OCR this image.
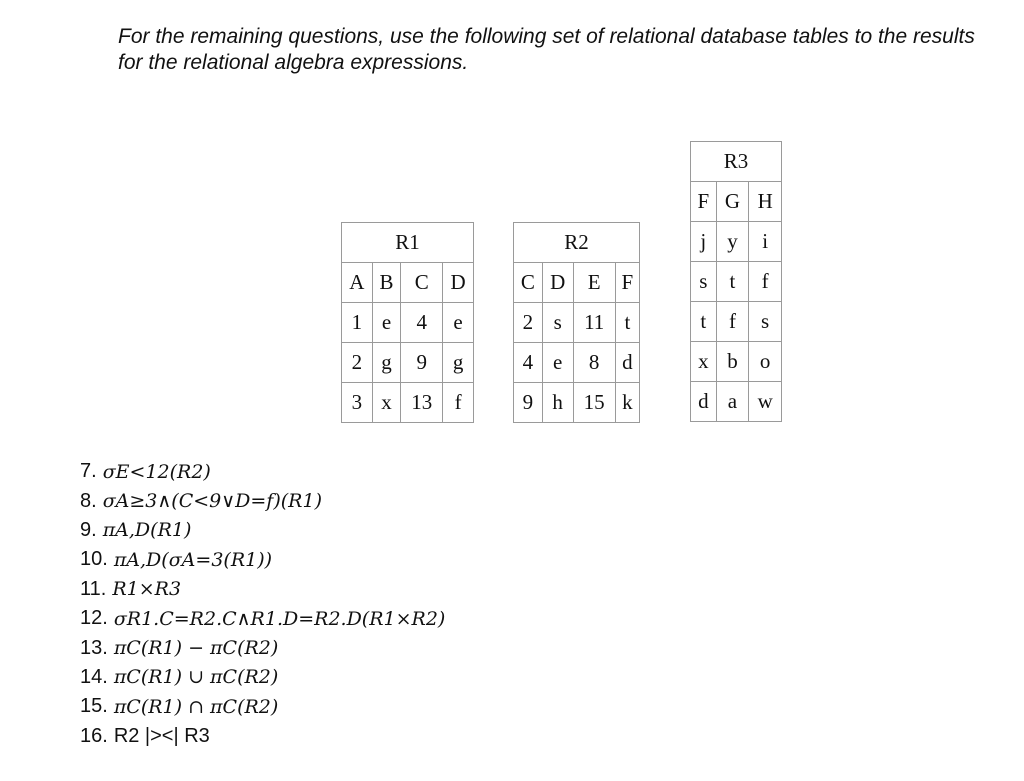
For the remaining questions, use the following set of relational database tables to the results for the relational algebra expressions.
R1			
A	B	C	D
1	e	4	e
2	g	9	g
3	x	13	f
R2			
C	D	E	F
2	s	11	t
4	e	8	d
9	h	15	k
R3		
F	G	H
j	y	i
s	t	f
t	f	s
x	b	o
d	a	w
7. σE<12(R2)
8. σA≥3∧(C<9∨D=f)(R1)
9. πA,D(R1)
10. πA,D(σA=3(R1))
11. R1×R3
12. σR1.C=R2.C∧R1.D=R2.D(R1×R2)
13. πC(R1) − πC(R2)
14. πC(R1) ∪ πC(R2)
15. πC(R1) ∩ πC(R2)
16. R2 |><| R3
